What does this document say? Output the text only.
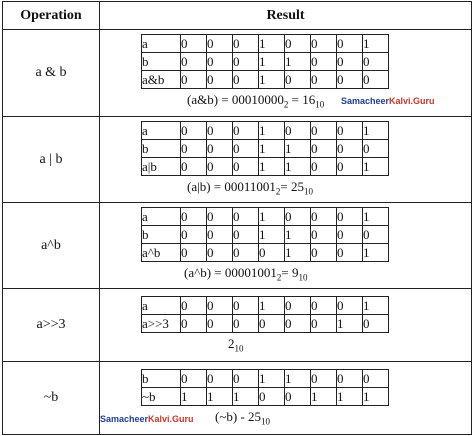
Operation	Result
a & b	
a	0	0	0	1	0	0	0	1
b	0	0	0	1	1	0	0	0
a&b	0	0	0	1	0	0	0	0
(a&b) = $00010000_2 = 16_{10}$ SamacheerKalvi.Guru

a | b	
a	0	0	0	1	0	0	0	1
b	0	0	0	1	1	0	0	0
a|b	0	0	0	1	1	0	0	1
$(a|b) = 00011001_2= 25_{10}$

a^b	
a	0	0	0	1	0	0	0	1
b	0	0	0	1	1	0	0	0
a^b	0	0	0	0	1	0	0	1
(a^b) = $00001001_2= 9_{10}$

a>>3	
a	0	0	0	1	0	0	0	1
a>>3	0	0	0	0	0	0	1	0
$2_{10}$

~b	
b	0	0	0	1	1	0	0	0
~b	1	1	1	0	0	1	1	1
(~b) - $25_{10}$
SamacheerKalvi.Guru
